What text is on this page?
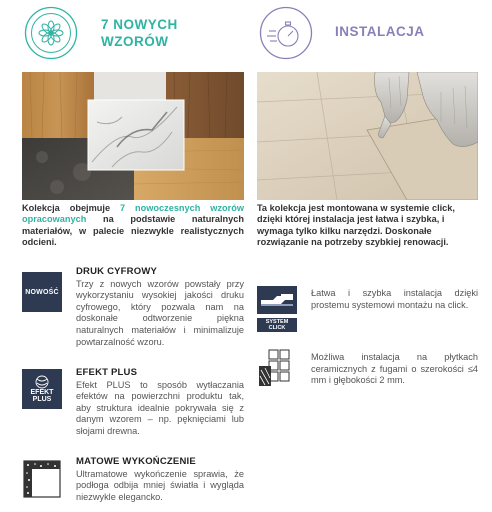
7 NOWYCH
WZORÓW
Kolekcja obejmuje 7 nowoczesnych wzorów opracowanych na podstawie naturalnych materiałów, w palecie niezwykle realistycznych odcieni.
NOWOŚĆ
DRUK CYFROWY
Trzy z nowych wzorów powstały przy wykorzystaniu wysokiej jakości druku cyfrowego, który pozwala nam na doskonałe odtworzenie piękna naturalnych materiałów i minimalizuje powtarzalność wzoru.
EFEKT
PLUS
EFEKT PLUS
Efekt PLUS to sposób wytłaczania efektów na powierzchni produktu tak, aby struktura idealnie pokrywała się z danym wzorem – np. pęknięciami lub słojami drewna.
MATOWE WYKOŃCZENIE
Ultramatowe wykończenie sprawia, że podłoga odbija mniej światła i wygląda niezwykle elegancko.
INSTALACJA
Ta kolekcja jest montowana w systemie click, dzięki której instalacja jest łatwa i szybka, i wymaga tylko kilku narzędzi. Doskonałe rozwiązanie na potrzeby szybkiej renowacji.
SYSTEM
CLICK
Łatwa i szybka instalacja dzięki prostemu systemowi montażu na click.
Możliwa instalacja na płytkach ceramicznych z fugami o szerokości ≤4 mm i głębokości 2 mm.
